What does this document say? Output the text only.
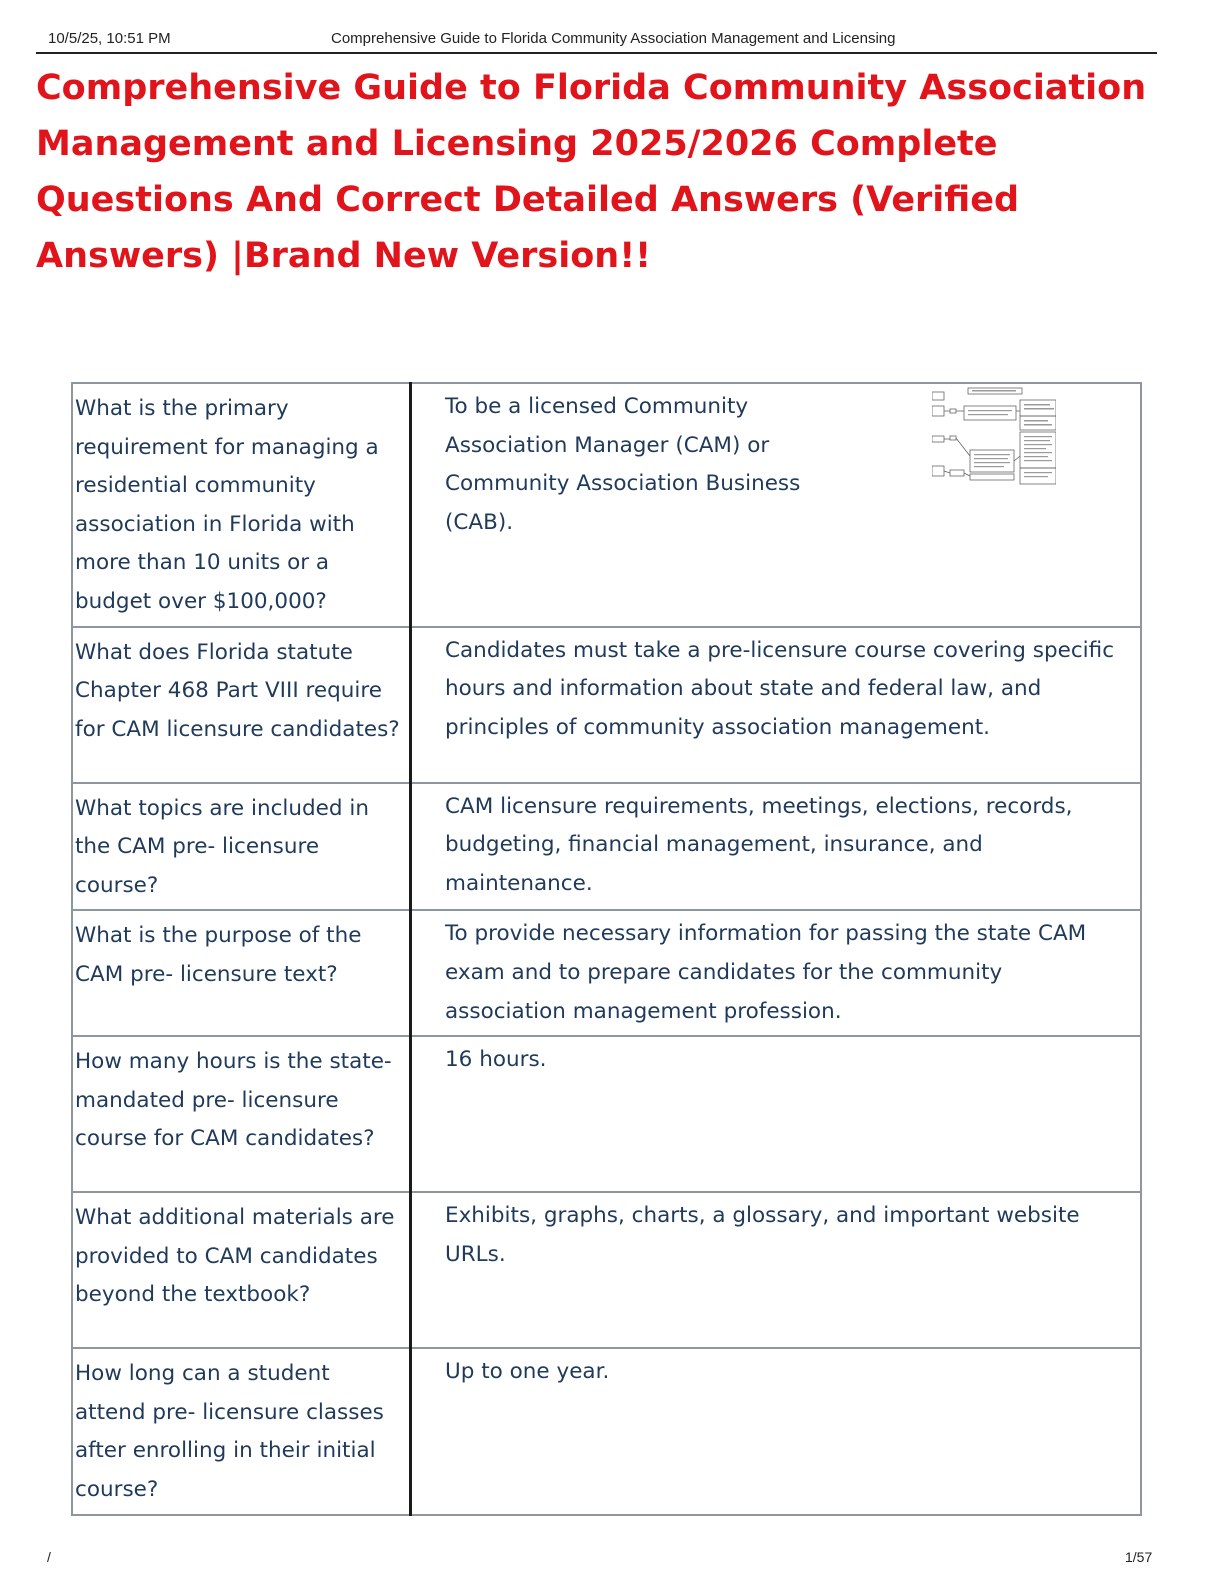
10/5/25, 10:51 PM	Comprehensive Guide to Florida Community Association Management and Licensing
Comprehensive Guide to Florida Community Association Management and Licensing 2025/2026 Complete Questions And Correct Detailed Answers (Verified Answers) |Brand New Version!!
What is the primary requirement for managing a residential community association in Florida with more than 10 units or a budget over $100,000?	To be a licensed Community Association Manager (CAM) or Community Association Business (CAB).

What does Florida statute Chapter 468 Part VIII require for CAM licensure candidates?	Candidates must take a pre-licensure course covering specific hours and information about state and federal law, and principles of community association management.
What topics are included in the CAM pre- licensure course?	CAM licensure requirements, meetings, elections, records, budgeting, financial management, insurance, and maintenance.
What is the purpose of the CAM pre- licensure text?	To provide necessary information for passing the state CAM exam and to prepare candidates for the community association management profession.
How many hours is the state-mandated pre- licensure course for CAM candidates?	16 hours.
What additional materials are provided to CAM candidates beyond the textbook?	Exhibits, graphs, charts, a glossary, and important website URLs.
How long can a student attend pre- licensure classes after enrolling in their initial course?	Up to one year.
/	1/57
